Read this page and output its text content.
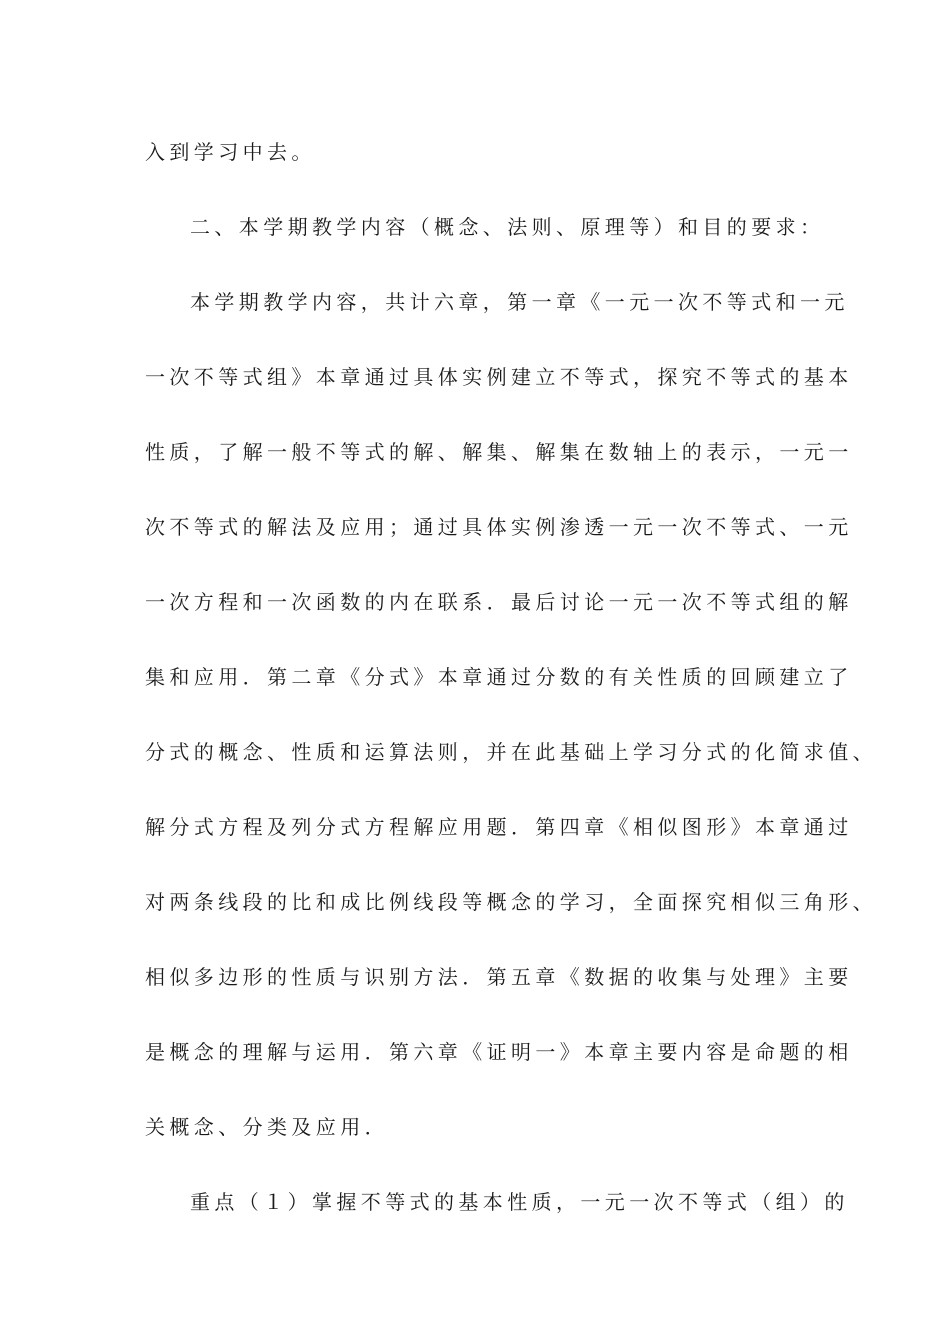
入到学习中去。
二、本学期教学内容（概念、法则、原理等）和目的要求：
本学期教学内容，共计六章，第一章《一元一次不等式和一元
一次不等式组》本章通过具体实例建立不等式，探究不等式的基本
性质，了解一般不等式的解、解集、解集在数轴上的表示，一元一
次不等式的解法及应用；通过具体实例渗透一元一次不等式、一元
一次方程和一次函数的内在联系．最后讨论一元一次不等式组的解
集和应用．第二章《分式》本章通过分数的有关性质的回顾建立了
分式的概念、性质和运算法则，并在此基础上学习分式的化简求值、
解分式方程及列分式方程解应用题．第四章《相似图形》本章通过
对两条线段的比和成比例线段等概念的学习，全面探究相似三角形、
相似多边形的性质与识别方法．第五章《数据的收集与处理》主要
是概念的理解与运用．第六章《证明一》本章主要内容是命题的相
关概念、分类及应用．
重点（１）掌握不等式的基本性质，一元一次不等式（组）的
